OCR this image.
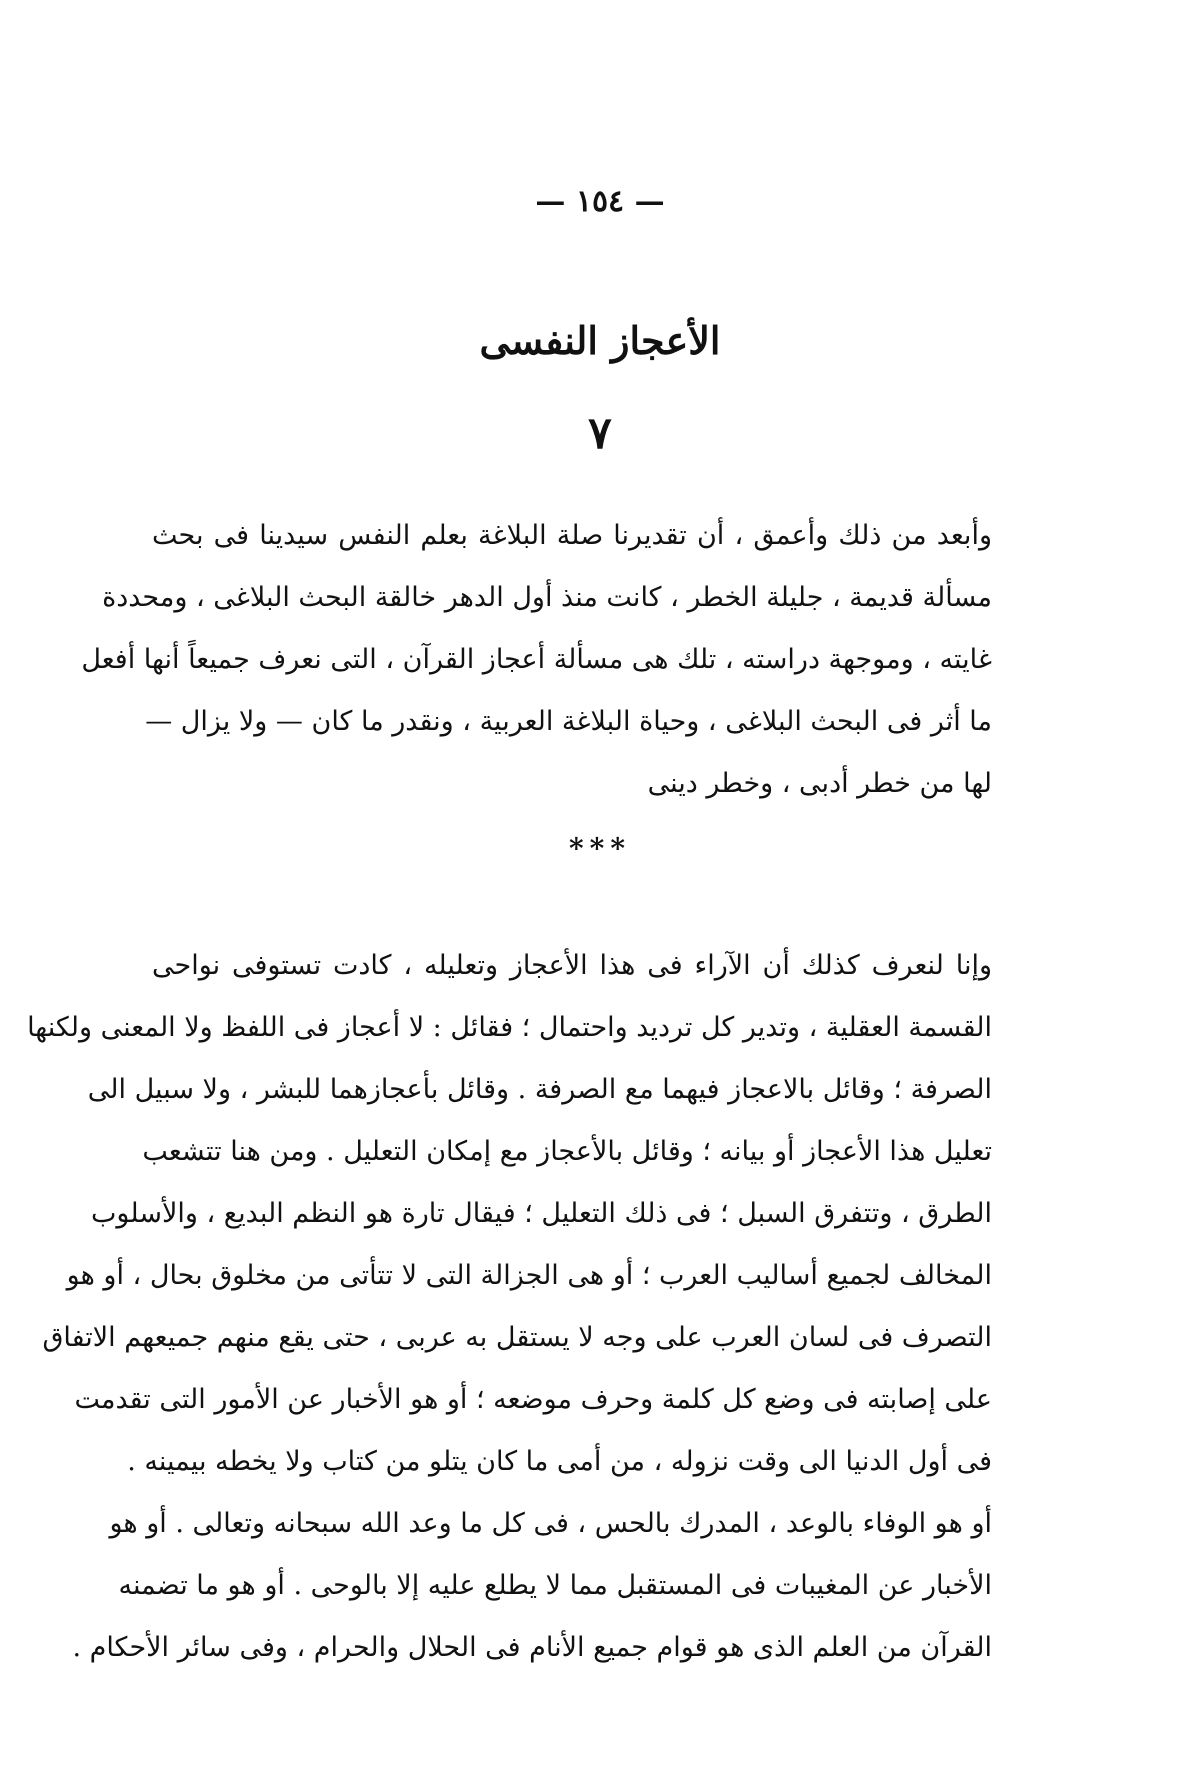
— ١٥٤ —
الأعجاز النفسى
٧
وأبعد من ذلك وأعمق ، أن تقديرنا صلة البلاغة بعلم النفس سيدينا فى بحث
مسألة قديمة ، جليلة الخطر ، كانت منذ أول الدهر خالقة البحث البلاغى ، ومحددة
غايته ، وموجهة دراسته ، تلك هى مسألة أعجاز القرآن ، التى نعرف جميعاً أنها أفعل
ما أثر فى البحث البلاغى ، وحياة البلاغة العربية ، ونقدر ما كان — ولا يزال —
لها من خطر أدبى ، وخطر دينى
***
وإنا لنعرف كذلك أن الآراء فى هذا الأعجاز وتعليله ، كادت تستوفى نواحى
القسمة العقلية ، وتدير كل ترديد واحتمال ؛ فقائل : لا أعجاز فى اللفظ ولا المعنى ولكنها
الصرفة ؛ وقائل بالاعجاز فيهما مع الصرفة . وقائل بأعجازهما للبشر ، ولا سبيل الى
تعليل هذا الأعجاز أو بيانه ؛ وقائل بالأعجاز مع إمكان التعليل . ومن هنا تتشعب
الطرق ، وتتفرق السبل ؛ فى ذلك التعليل ؛ فيقال تارة هو النظم البديع ، والأسلوب
المخالف لجميع أساليب العرب ؛ أو هى الجزالة التى لا تتأتى من مخلوق بحال ، أو هو
التصرف فى لسان العرب على وجه لا يستقل به عربى ، حتى يقع منهم جميعهم الاتفاق
على إصابته فى وضع كل كلمة وحرف موضعه ؛ أو هو الأخبار عن الأمور التى تقدمت
فى أول الدنيا الى وقت نزوله ، من أمى ما كان يتلو من كتاب ولا يخطه بيمينه .
أو هو الوفاء بالوعد ، المدرك بالحس ، فى كل ما وعد الله سبحانه وتعالى . أو هو
الأخبار عن المغيبات فى المستقبل مما لا يطلع عليه إلا بالوحى . أو هو ما تضمنه
القرآن من العلم الذى هو قوام جميع الأنام فى الحلال والحرام ، وفى سائر الأحكام .
